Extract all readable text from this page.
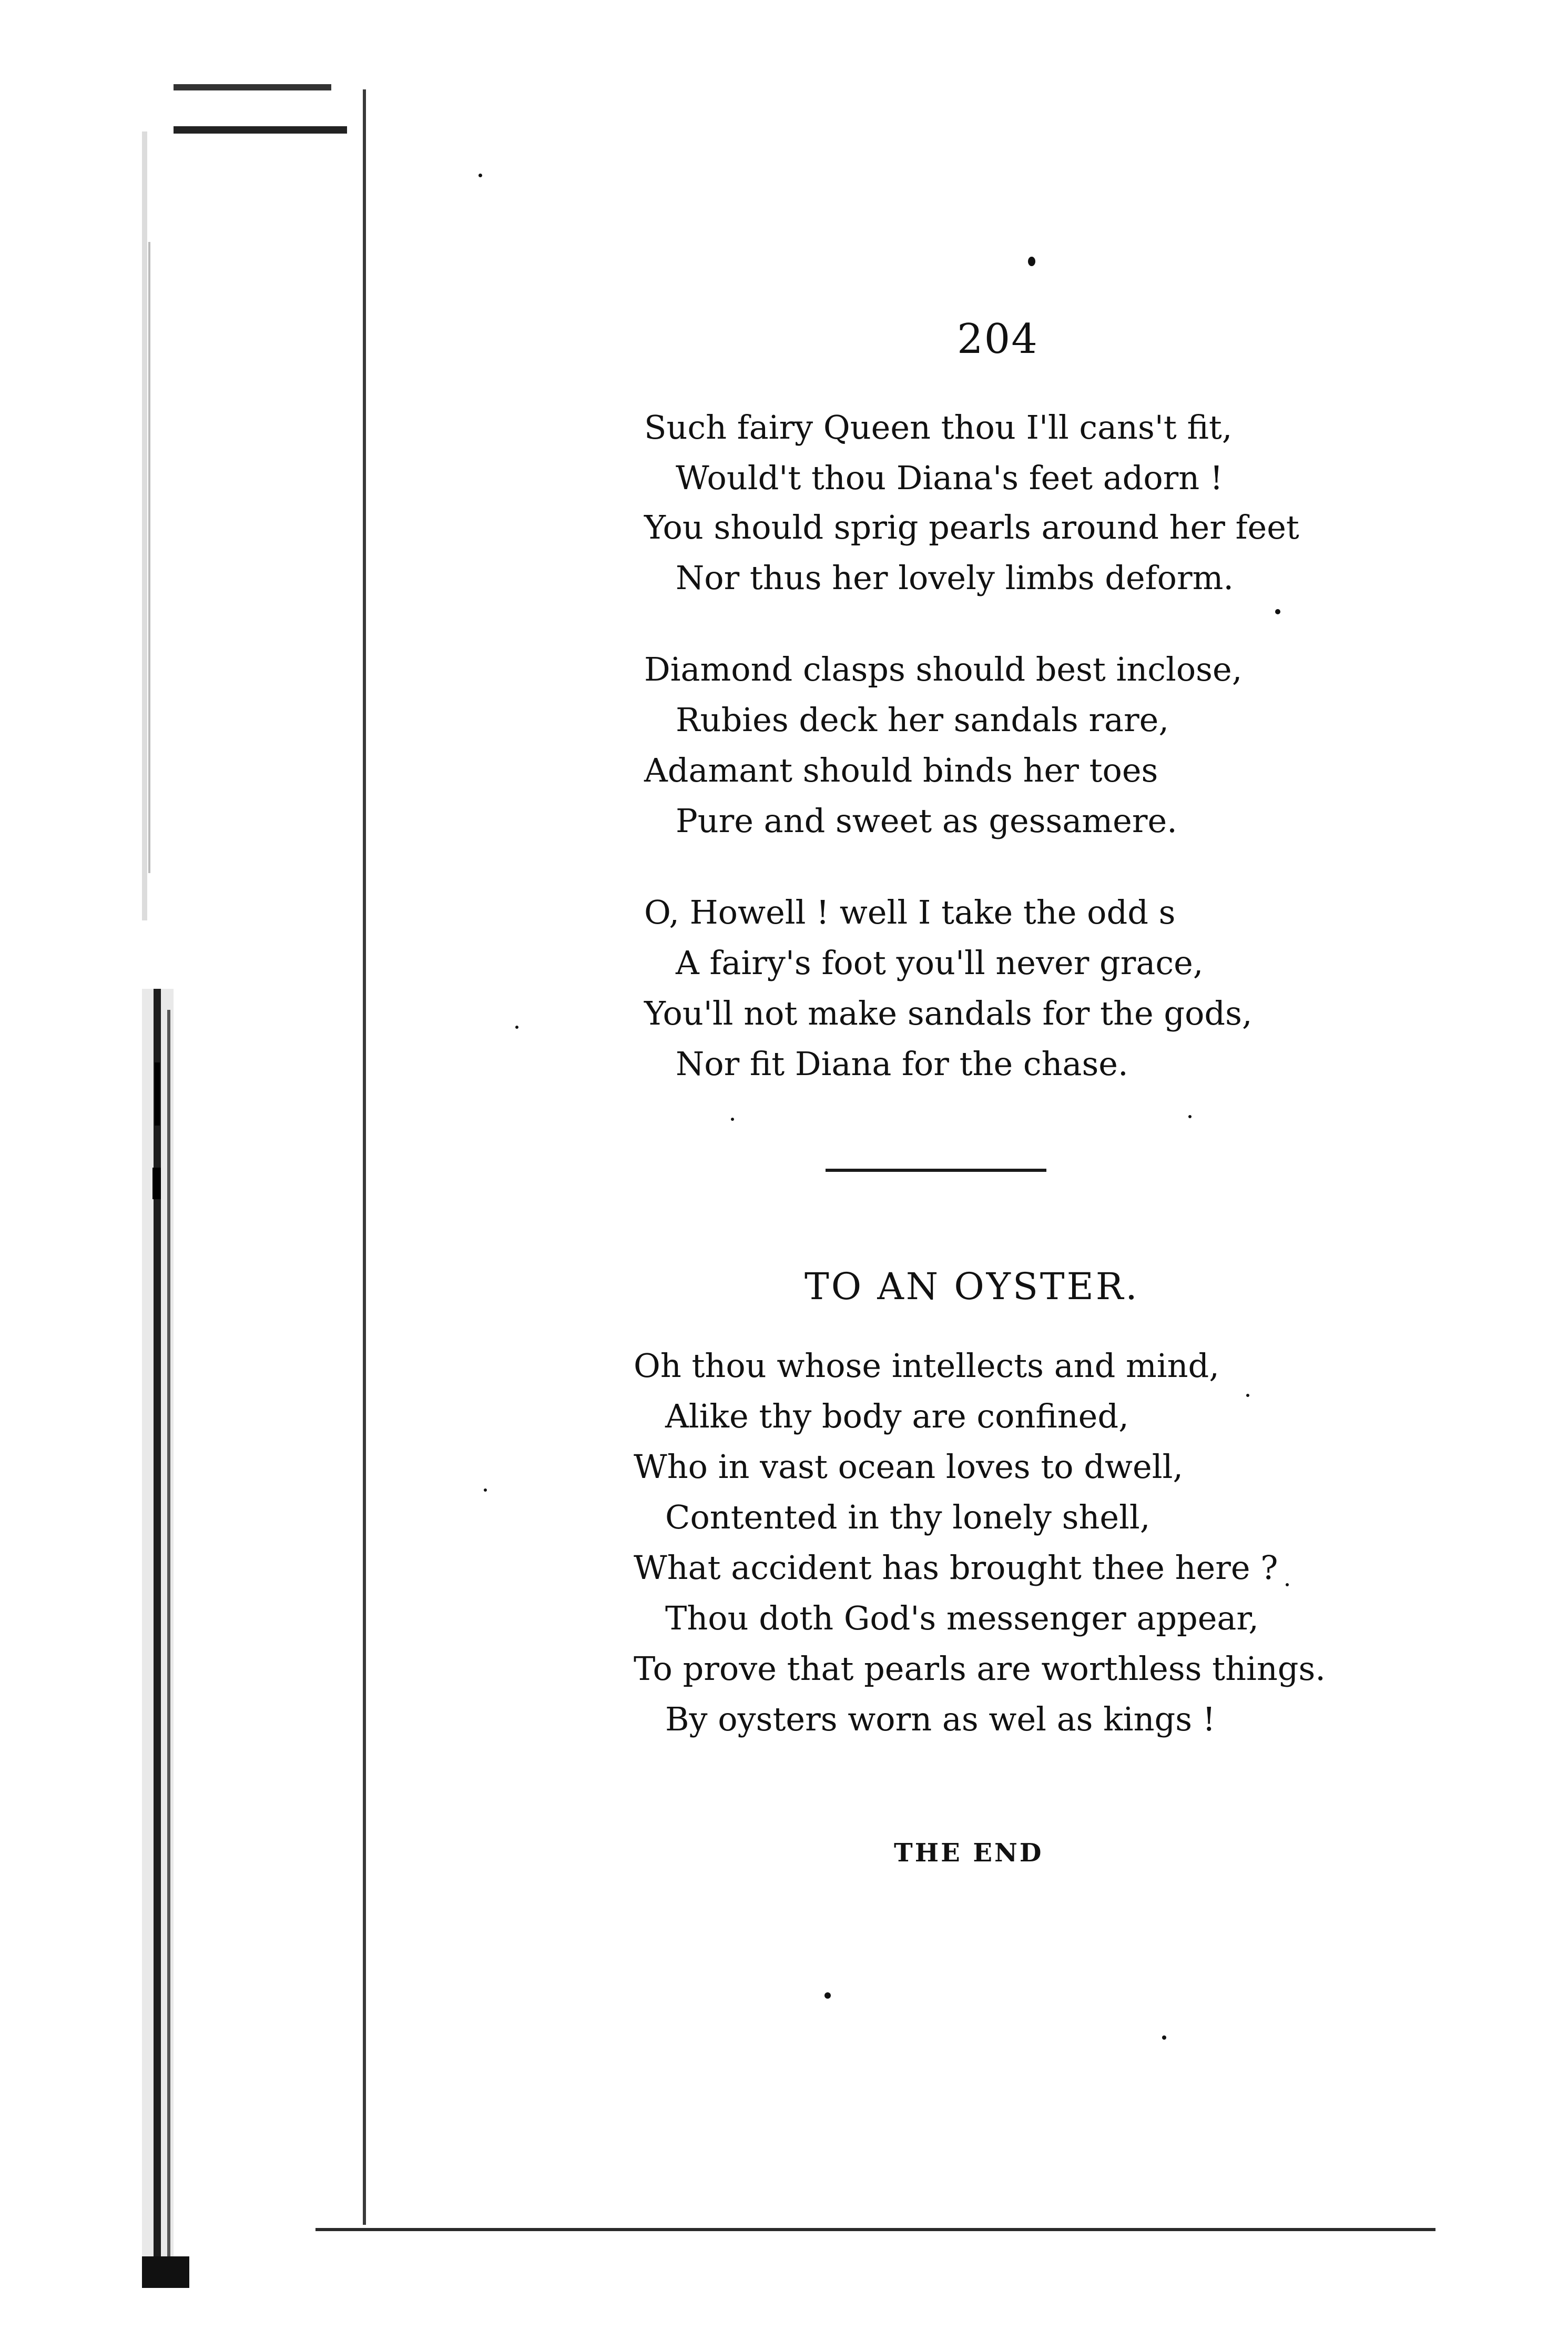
204
Such fairy Queen thou I'll cans't fit,
Would't thou Diana's feet adorn !
You should sprig pearls around her feet
Nor thus her lovely limbs deform.
Diamond clasps should best inclose,
Rubies deck her sandals rare,
Adamant should binds her toes
Pure and sweet as gessamere.
O, Howell ! well I take the odd s
A fairy's foot you'll never grace,
You'll not make sandals for the gods,
Nor fit Diana for the chase.
TO AN OYSTER.
Oh thou whose intellects and mind,
Alike thy body are confined,
Who in vast ocean loves to dwell,
Contented in thy lonely shell,
What accident has brought thee here ?
Thou doth God's messenger appear,
To prove that pearls are worthless things.
By oysters worn as wel as kings !
THE END
